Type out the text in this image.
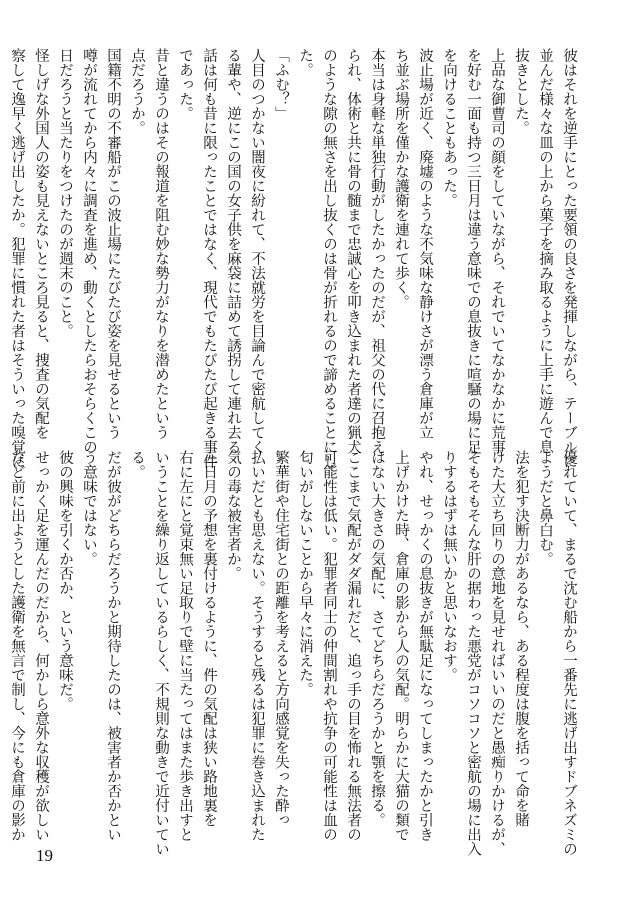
彼はそれを逆手にとった要領の良さを発揮しながら、テーブルに
並んだ様々な皿の上から菓子を摘み取るように上手に遊んで息
抜きとした。
上品な御曹司の顔をしていながら、それでいてなかなかに荒事
を好む一面も持つ三日月は違う意味での息抜きに喧騒の場に足
を向けることもあった。
波止場が近く、廃墟のような不気味な静けさが漂う倉庫が立
ち並ぶ場所を僅かな護衛を連れて歩く。
本当は身軽な単独行動がしたかったのだが、祖父の代に召抱え
られ、体術と共に骨の髄まで忠誠心を叩き込まれた者達の猟犬
のような隙の無さを出し抜くのは骨が折れるので諦めることにし
た。
「ふむ？」
人目のつかない闇夜に紛れて、不法就労を目論んで密航してく
る輩や、逆にこの国の女子供を麻袋に詰めて誘拐して連れ去る
話は何も昔に限ったことではなく、現代でもたびたび起きる事件
であった。
昔と違うのはその報道を阻む妙な勢力がなりを潜めたという
点だろうか。
国籍不明の不審船がこの波止場にたびたび姿を見せるという
噂が流れてから内々に調査を進め、動くとしたらおそらくこの
日だろうと当たりをつけたのが週末のこと。
怪しげな外国人の姿も見えないところ見ると、捜査の気配を
察して逸早く逃げ出したか。犯罪に慣れた者はそういった嗅覚に
優れていて、まるで沈む船から一番先に逃げ出すドブネズミの
ようだと鼻白む。
法を犯す決断力があるなら、ある程度は腹を括って命を賭
けた大立ち回りの意地を見せればいいのだと愚痴りかけるが、
そもそもそんな肝の据わった悪党がコソコソと密航の場に出入
りするはずは無いかと思いなおす。
やれ、せっかくの息抜きが無駄足になってしまったかと引き
上げかけた時、倉庫の影から人の気配。明らかに大猫の類で
はない大きさの気配に、さてどちらだろうかと顎を擦る。
ここまで気配がダダ漏れだと、追っ手の目を怖れる無法者の
可能性は低い。犯罪者同士の仲間割れや抗争の可能性は血の
匂いがしないことから早々に消えた。
繁華街や住宅街との距離を考えると方向感覚を失った酔っ
払いだとも思えない。そうすると残るは犯罪に巻き込まれた
気の毒な被害者か。
三日月の予想を裏付けるように、件の気配は狭い路地裏を
右に左にと覚束無い足取りで壁に当たってはまた歩き出すと
いうことを繰り返しているらしく、不規則な動きで近付いてい
る。
だが彼がどちらだろうかと期待したのは、被害者か否かとい
う意味ではない。
彼の興味を引くか否か、という意味だ。
せっかく足を運んだのだから、何かしら意外な収穫が欲しい
など前に出ようとした護衛を無言で制し、今にも倉庫の影か
19
